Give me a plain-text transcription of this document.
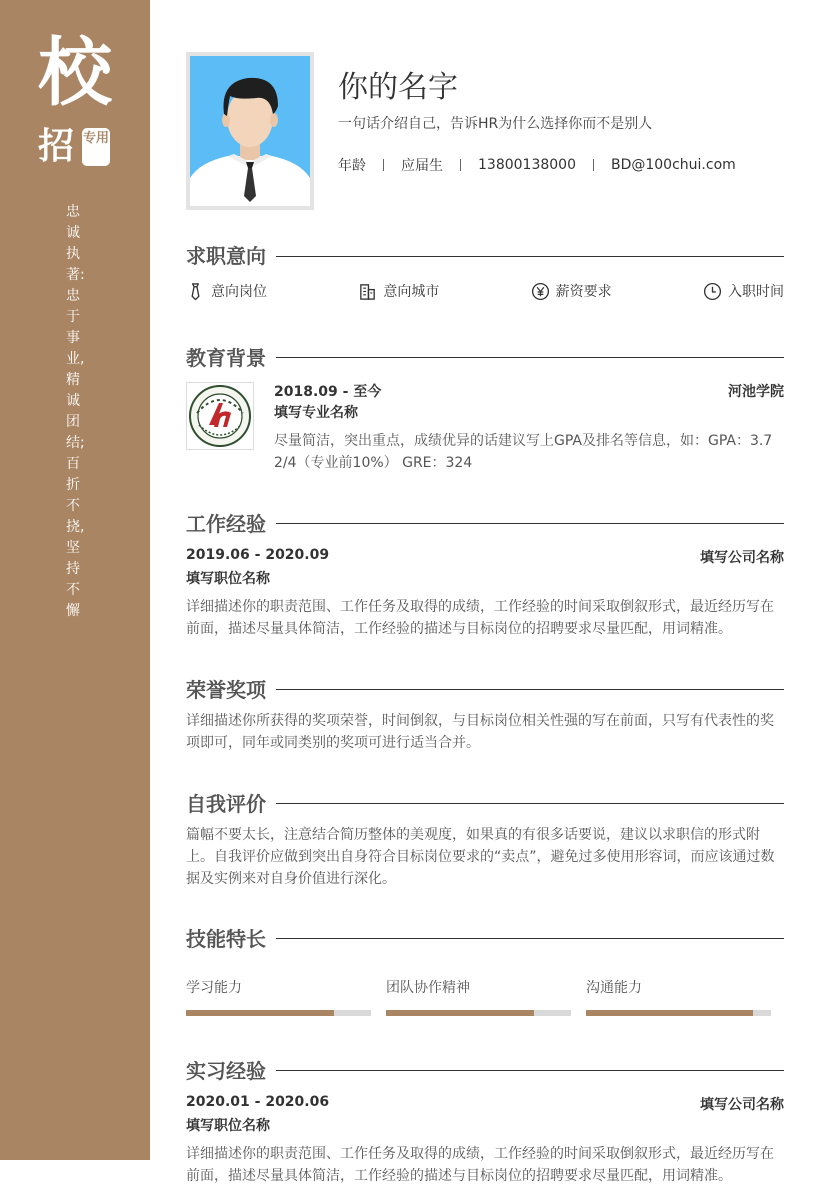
校
招 专用
忠诚执著:忠于事业,精诚团结;百折不挠,坚持不懈
你的名字
一句话介绍自己，告诉HR为什么选择你而不是别人
年龄	应届生	13800138000	BD@100chui.com
求职意向
意向岗位	意向城市	薪资要求	入职时间
教育背景
2018.09 - 至今	河池学院
填写专业名称
尽量简洁，突出重点，成绩优异的话建议写上GPA及排名等信息，如：GPA：3.72/4（专业前10%） GRE：324
工作经验
2019.06 - 2020.09	填写公司名称
填写职位名称
详细描述你的职责范围、工作任务及取得的成绩，工作经验的时间采取倒叙形式，最近经历写在前面，描述尽量具体简洁，工作经验的描述与目标岗位的招聘要求尽量匹配，用词精准。
荣誉奖项
详细描述你所获得的奖项荣誉，时间倒叙，与目标岗位相关性强的写在前面，只写有代表性的奖项即可，同年或同类别的奖项可进行适当合并。
自我评价
篇幅不要太长，注意结合简历整体的美观度，如果真的有很多话要说，建议以求职信的形式附上。自我评价应做到突出自身符合目标岗位要求的“卖点”，避免过多使用形容词，而应该通过数据及实例来对自身价值进行深化。
技能特长
学习能力	团队协作精神	沟通能力
实习经验
2020.01 - 2020.06	填写公司名称
填写职位名称
详细描述你的职责范围、工作任务及取得的成绩，工作经验的时间采取倒叙形式，最近经历写在前面，描述尽量具体简洁，工作经验的描述与目标岗位的招聘要求尽量匹配，用词精准。
